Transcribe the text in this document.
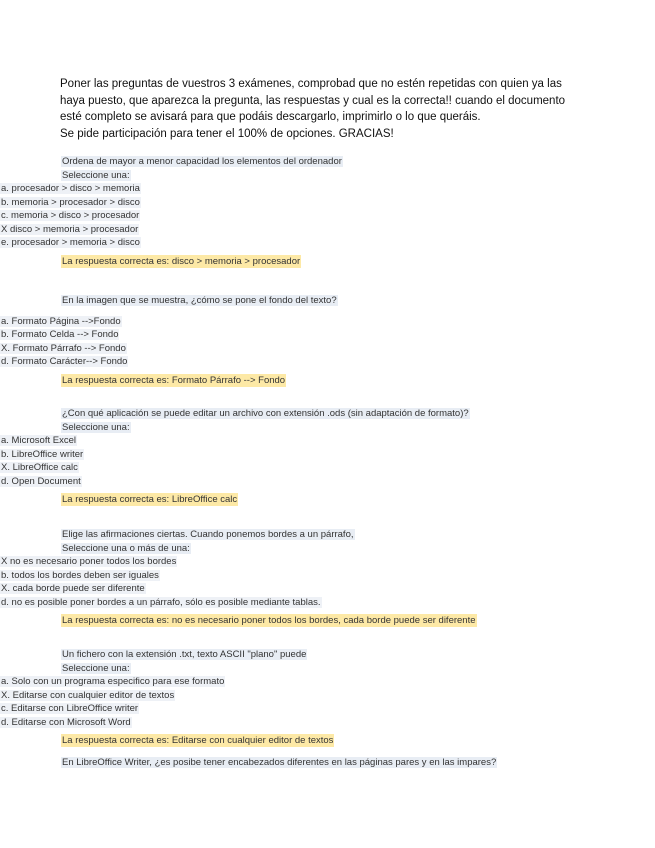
Poner las preguntas de vuestros 3 exámenes, comprobad que no estén repetidas con quien ya las

haya puesto, que aparezca la pregunta, las respuestas y cual es la correcta!! cuando el documento

esté completo se avisará para que podáis descargarlo, imprimirlo o lo que queráis.

Se pide participación para tener el 100% de opciones. GRACIAS!

Ordena de mayor a menor capacidad los elementos del ordenador
Seleccione una:
a. procesador > disco > memoria
b. memoria > procesador > disco
c. memoria > disco > procesador
X disco > memoria > procesador
e. procesador > memoria > disco
La respuesta correcta es: disco > memoria > procesador
En la imagen que se muestra, ¿cómo se pone el fondo del texto?
a. Formato Página -->Fondo
b. Formato Celda --> Fondo
X. Formato Párrafo --> Fondo
d. Formato Carácter--> Fondo
La respuesta correcta es: Formato Párrafo --> Fondo
¿Con qué aplicación se puede editar un archivo con extensión .ods (sin adaptación de formato)?
Seleccione una:
a. Microsoft Excel
b. LibreOffice writer
X. LibreOffice calc
d. Open Document
La respuesta correcta es: LibreOffice calc
Elige las afirmaciones ciertas. Cuando ponemos bordes a un párrafo,
Seleccione una o más de una:
X no es necesario poner todos los bordes
b. todos los bordes deben ser iguales
X. cada borde puede ser diferente
d. no es posible poner bordes a un párrafo, sólo es posible mediante tablas.
La respuesta correcta es: no es necesario poner todos los bordes, cada borde puede ser diferente
Un fichero con la extensión .txt, texto ASCII "plano" puede
Seleccione una:
a. Solo con un programa especifico para ese formato
X. Editarse con cualquier editor de textos
c. Editarse con LibreOffice writer
d. Editarse con Microsoft Word
La respuesta correcta es: Editarse con cualquier editor de textos
En LibreOffice Writer, ¿es posibe tener encabezados diferentes en las páginas pares y en las impares?
